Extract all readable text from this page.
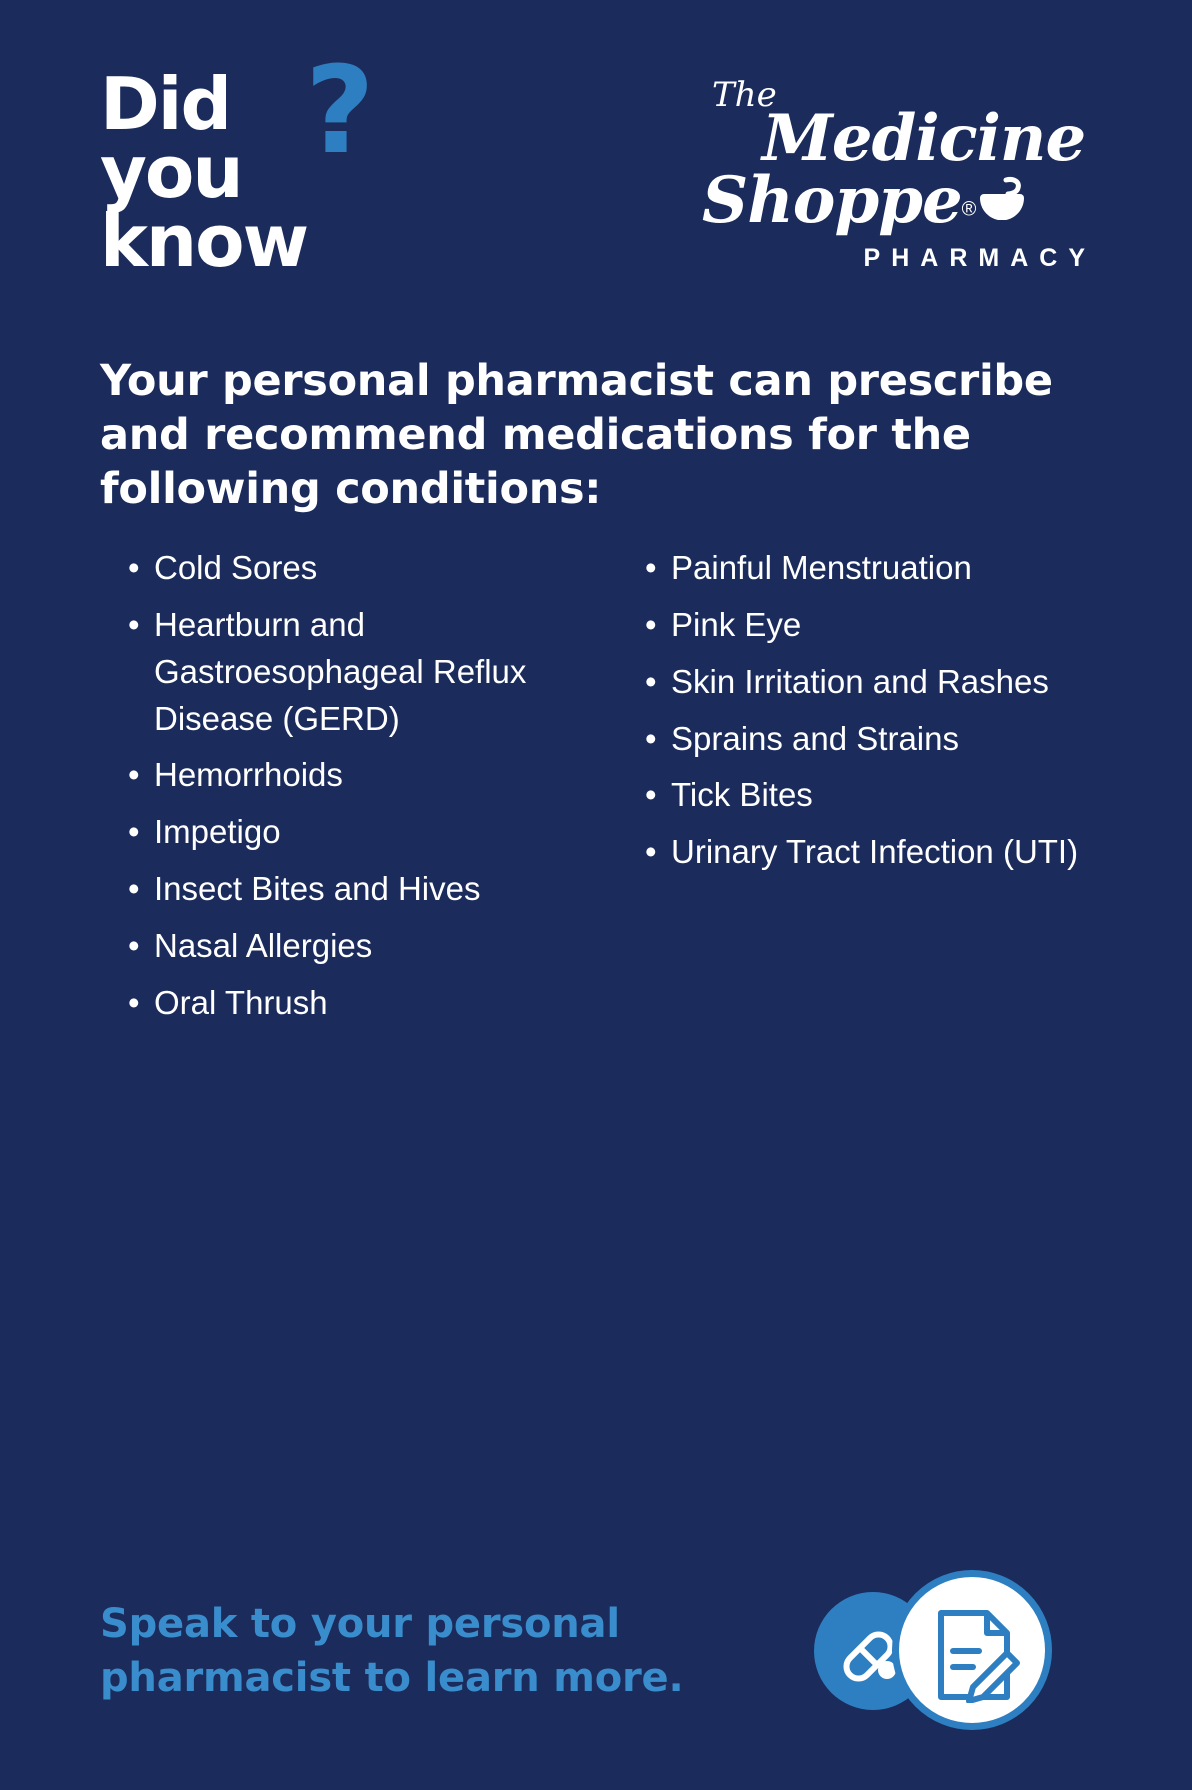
Did ?
you
know
The
Medicine
Shoppe®
PHARMACY
Your personal pharmacist can prescribe and recommend medications for the following conditions:
• Cold Sores
• Heartburn and Gastroesophageal Reflux Disease (GERD)
• Hemorrhoids
• Impetigo
• Insect Bites and Hives
• Nasal Allergies
• Oral Thrush
• Painful Menstruation
• Pink Eye
• Skin Irritation and Rashes
• Sprains and Strains
• Tick Bites
• Urinary Tract Infection (UTI)
Speak to your personal
pharmacist to learn more.
